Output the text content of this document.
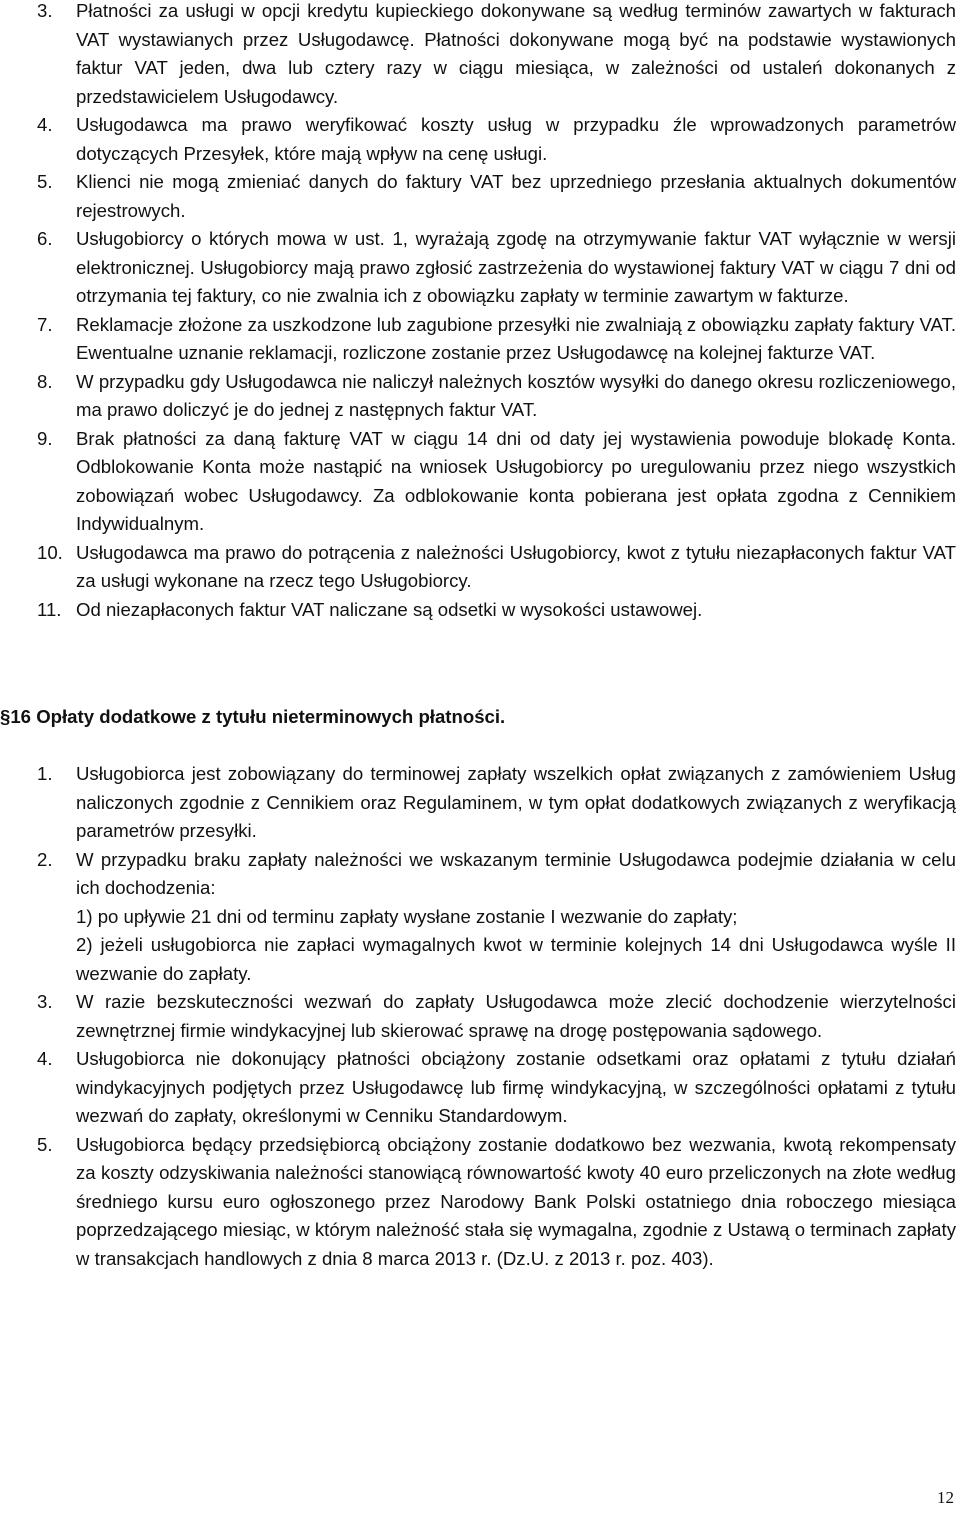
3. Płatności za usługi w opcji kredytu kupieckiego dokonywane są według terminów zawartych w fakturach VAT wystawianych przez Usługodawcę. Płatności dokonywane mogą być na podstawie wystawionych faktur VAT jeden, dwa lub cztery razy w ciągu miesiąca, w zależności od ustaleń dokonanych z przedstawicielem Usługodawcy.

4. Usługodawca ma prawo weryfikować koszty usług w przypadku źle wprowadzonych parametrów dotyczących Przesyłek, które mają wpływ na cenę usługi.

5. Klienci nie mogą zmieniać danych do faktury VAT bez uprzedniego przesłania aktualnych dokumentów rejestrowych.

6. Usługobiorcy o których mowa w ust. 1, wyrażają zgodę na otrzymywanie faktur VAT wyłącznie w wersji elektronicznej. Usługobiorcy mają prawo zgłosić zastrzeżenia do wystawionej faktury VAT w ciągu 7 dni od otrzymania tej faktury, co nie zwalnia ich z obowiązku zapłaty w terminie zawartym w fakturze.

7. Reklamacje złożone za uszkodzone lub zagubione przesyłki nie zwalniają z obowiązku zapłaty faktury VAT. Ewentualne uznanie reklamacji, rozliczone zostanie przez Usługodawcę na kolejnej fakturze VAT.

8. W przypadku gdy Usługodawca nie naliczył należnych kosztów wysyłki do danego okresu rozliczeniowego, ma prawo doliczyć je do jednej z następnych faktur VAT.

9. Brak płatności za daną fakturę VAT w ciągu 14 dni od daty jej wystawienia powoduje blokadę Konta. Odblokowanie Konta może nastąpić na wniosek Usługobiorcy po uregulowaniu przez niego wszystkich zobowiązań wobec Usługodawcy. Za odblokowanie konta pobierana jest opłata zgodna z Cennikiem Indywidualnym.

10. Usługodawca ma prawo do potrącenia z należności Usługobiorcy, kwot z tytułu niezapłaconych faktur VAT za usługi wykonane na rzecz tego Usługobiorcy.

11. Od niezapłaconych faktur VAT naliczane są odsetki w wysokości ustawowej.

§16 Opłaty dodatkowe z tytułu nieterminowych płatności.

1. Usługobiorca jest zobowiązany do terminowej zapłaty wszelkich opłat związanych z zamówieniem Usług naliczonych zgodnie z Cennikiem oraz Regulaminem, w tym opłat dodatkowych związanych z weryfikacją parametrów przesyłki.

2. W przypadku braku zapłaty należności we wskazanym terminie Usługodawca podejmie działania w celu ich dochodzenia:
1) po upływie 21 dni od terminu zapłaty wysłane zostanie I wezwanie do zapłaty;
2) jeżeli usługobiorca nie zapłaci wymagalnych kwot w terminie kolejnych 14 dni Usługodawca wyśle II wezwanie do zapłaty.

3. W razie bezskuteczności wezwań do zapłaty Usługodawca może zlecić dochodzenie wierzytelności zewnętrznej firmie windykacyjnej lub skierować sprawę na drogę postępowania sądowego.

4. Usługobiorca nie dokonujący płatności obciążony zostanie odsetkami oraz opłatami z tytułu działań windykacyjnych podjętych przez Usługodawcę lub firmę windykacyjną, w szczególności opłatami z tytułu wezwań do zapłaty, określonymi w Cenniku Standardowym.

5. Usługobiorca będący przedsiębiorcą obciążony zostanie dodatkowo bez wezwania, kwotą rekompensaty za koszty odzyskiwania należności stanowiącą równowartość kwoty 40 euro przeliczonych na złote według średniego kursu euro ogłoszonego przez Narodowy Bank Polski ostatniego dnia roboczego miesiąca poprzedzającego miesiąc, w którym należność stała się wymagalna, zgodnie z Ustawą o terminach zapłaty w transakcjach handlowych z dnia 8 marca 2013 r. (Dz.U. z 2013 r. poz. 403).

12
